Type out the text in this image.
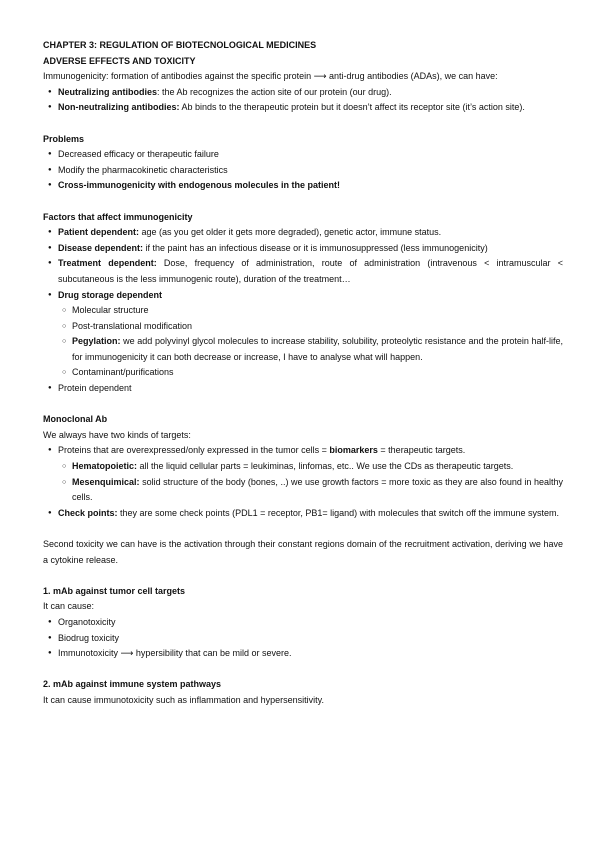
CHAPTER 3: REGULATION OF BIOTECNOLOGICAL MEDICINES

ADVERSE EFFECTS AND TOXICITY

Immunogenicity: formation of antibodies against the specific protein ⟶ anti-drug antibodies (ADAs), we can have:

● Neutralizing antibodies: the Ab recognizes the action site of our protein (our drug).
● Non-neutralizing antibodies: Ab binds to the therapeutic protein but it doesn’t affect its receptor site (it’s action site).

Problems

● Decreased efficacy or therapeutic failure
● Modify the pharmacokinetic characteristics
● Cross-immunogenicity with endogenous molecules in the patient!

Factors that affect immunogenicity

● Patient dependent: age (as you get older it gets more degraded), genetic actor, immune status.
● Disease dependent: if the paint has an infectious disease or it is immunosuppressed (less immunogenicity)
● Treatment dependent: Dose, frequency of administration, route of administration (intravenous < intramuscular < subcutaneous is the less immunogenic route), duration of the treatment…
● Drug storage dependent
○ Molecular structure
○ Post-translational modification
○ Pegylation: we add polyvinyl glycol molecules to increase stability, solubility, proteolytic resistance and the protein half-life, for immunogenicity it can both decrease or increase, I have to analyse what will happen.
○ Contaminant/purifications
● Protein dependent

Monoclonal Ab

We always have two kinds of targets:

● Proteins that are overexpressed/only expressed in the tumor cells = biomarkers = therapeutic targets.
○ Hematopoietic: all the liquid cellular parts = leukiminas, linfomas, etc.. We use the CDs as therapeutic targets.
○ Mesenquimical: solid structure of the body (bones, ..) we use growth factors = more toxic as they are also found in healthy cells.
● Check points: they are some check points (PDL1 = receptor, PB1= ligand) with molecules that switch off the immune system.

Second toxicity we can have is the activation through their constant regions domain of the recruitment activation, deriving we have a cytokine release.

1. mAb against tumor cell targets

It can cause:

● Organotoxicity
● Biodrug toxicity
● Immunotoxicity ⟶ hypersibility that can be mild or severe.

2. mAb against immune system pathways

It can cause immunotoxicity such as inflammation and hypersensitivity.
